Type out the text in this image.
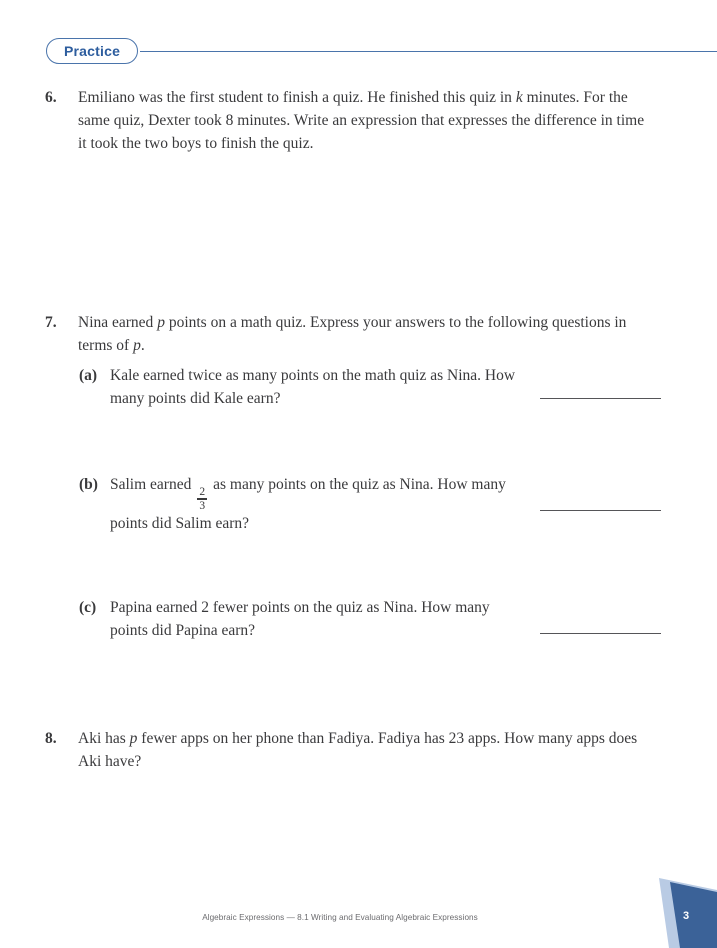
Practice
6.	Emiliano was the first student to finish a quiz. He finished this quiz in k minutes. For the same quiz, Dexter took 8 minutes. Write an expression that expresses the difference in time it took the two boys to finish the quiz.
7.	Nina earned p points on a math quiz. Express your answers to the following questions in terms of p.
(a) Kale earned twice as many points on the math quiz as Nina. How many points did Kale earn?
(b) Salim earned
$\frac{2}{3}$
as many points on the quiz as Nina. How many points did Salim earn?
(c) Papina earned 2 fewer points on the quiz as Nina. How many points did Papina earn?
8.	Aki has p fewer apps on her phone than Fadiya. Fadiya has 23 apps. How many apps does Aki have?
Algebraic Expressions — 8.1 Writing and Evaluating Algebraic Expressions	3
